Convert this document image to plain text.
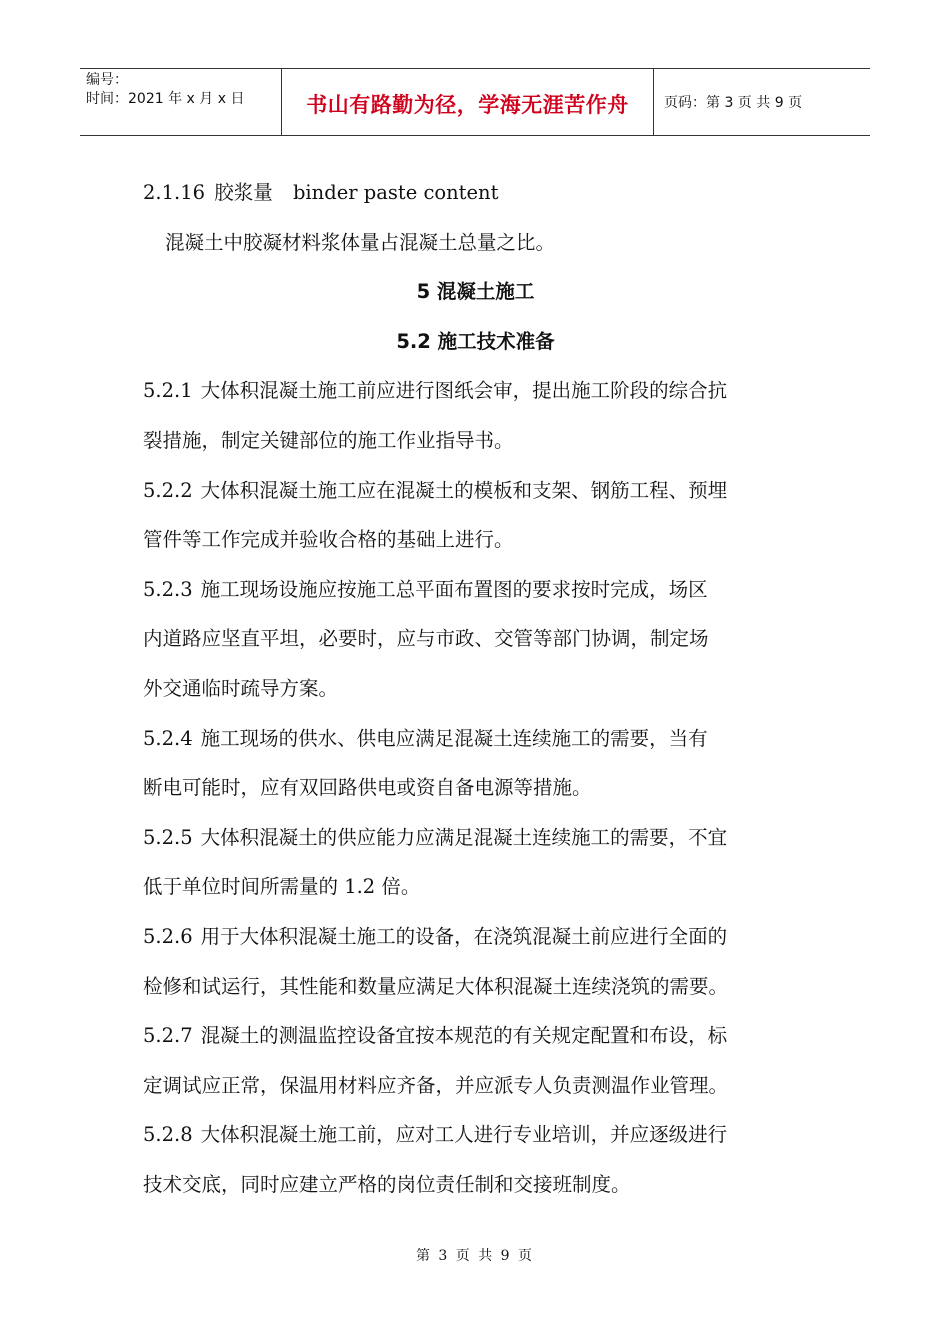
编号：
时间：2021 年 x 月 x 日	书山有路勤为径，学海无涯苦作舟	页码：第 3 页 共 9 页
2.1.16 胶浆量 binder paste content
混凝土中胶凝材料浆体量占混凝土总量之比。
5 混凝土施工
5.2 施工技术准备
5.2.1 大体积混凝土施工前应进行图纸会审，提出施工阶段的综合抗
裂措施，制定关键部位的施工作业指导书。
5.2.2 大体积混凝土施工应在混凝土的模板和支架、钢筋工程、预埋
管件等工作完成并验收合格的基础上进行。
5.2.3 施工现场设施应按施工总平面布置图的要求按时完成，场区
内道路应坚直平坦，必要时，应与市政、交管等部门协调，制定场
外交通临时疏导方案。
5.2.4 施工现场的供水、供电应满足混凝土连续施工的需要，当有
断电可能时，应有双回路供电或资自备电源等措施。
5.2.5 大体积混凝土的供应能力应满足混凝土连续施工的需要，不宜
低于单位时间所需量的 1.2 倍。
5.2.6 用于大体积混凝土施工的设备，在浇筑混凝土前应进行全面的
检修和试运行，其性能和数量应满足大体积混凝土连续浇筑的需要。
5.2.7 混凝土的测温监控设备宜按本规范的有关规定配置和布设，标
定调试应正常，保温用材料应齐备，并应派专人负责测温作业管理。
5.2.8 大体积混凝土施工前，应对工人进行专业培训，并应逐级进行
技术交底，同时应建立严格的岗位责任制和交接班制度。
第 3 页 共 9 页
